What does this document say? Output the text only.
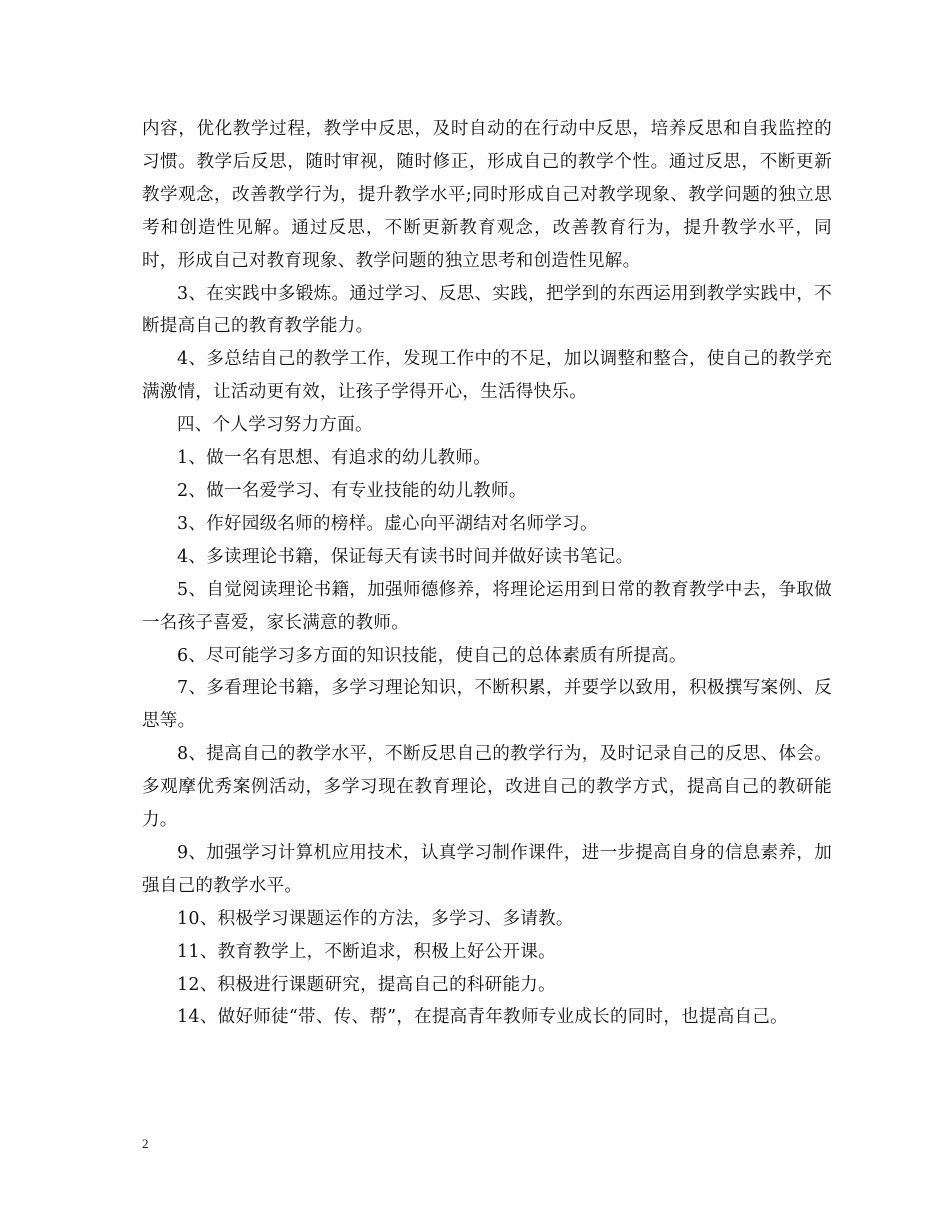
内容，优化教学过程，教学中反思，及时自动的在行动中反思，培养反思和自我监控的习惯。教学后反思，随时审视，随时修正，形成自己的教学个性。通过反思，不断更新教学观念，改善教学行为，提升教学水平;同时形成自己对教学现象、教学问题的独立思考和创造性见解。通过反思，不断更新教育观念，改善教育行为，提升教学水平，同时，形成自己对教育现象、教学问题的独立思考和创造性见解。

3、在实践中多锻炼。通过学习、反思、实践，把学到的东西运用到教学实践中，不断提高自己的教育教学能力。

4、多总结自己的教学工作，发现工作中的不足，加以调整和整合，使自己的教学充满激情，让活动更有效，让孩子学得开心，生活得快乐。

四、个人学习努力方面。

1、做一名有思想、有追求的幼儿教师。

2、做一名爱学习、有专业技能的幼儿教师。

3、作好园级名师的榜样。虚心向平湖结对名师学习。

4、多读理论书籍，保证每天有读书时间并做好读书笔记。

5、自觉阅读理论书籍，加强师德修养，将理论运用到日常的教育教学中去，争取做一名孩子喜爱，家长满意的教师。

6、尽可能学习多方面的知识技能，使自己的总体素质有所提高。

7、多看理论书籍，多学习理论知识，不断积累，并要学以致用，积极撰写案例、反思等。

8、提高自己的教学水平，不断反思自己的教学行为，及时记录自己的反思、体会。多观摩优秀案例活动，多学习现在教育理论，改进自己的教学方式，提高自己的教研能力。

9、加强学习计算机应用技术，认真学习制作课件，进一步提高自身的信息素养，加强自己的教学水平。

10、积极学习课题运作的方法，多学习、多请教。

11、教育教学上，不断追求，积极上好公开课。

12、积极进行课题研究，提高自己的科研能力。

14、做好师徒“带、传、帮”，在提高青年教师专业成长的同时，也提高自己。

2
